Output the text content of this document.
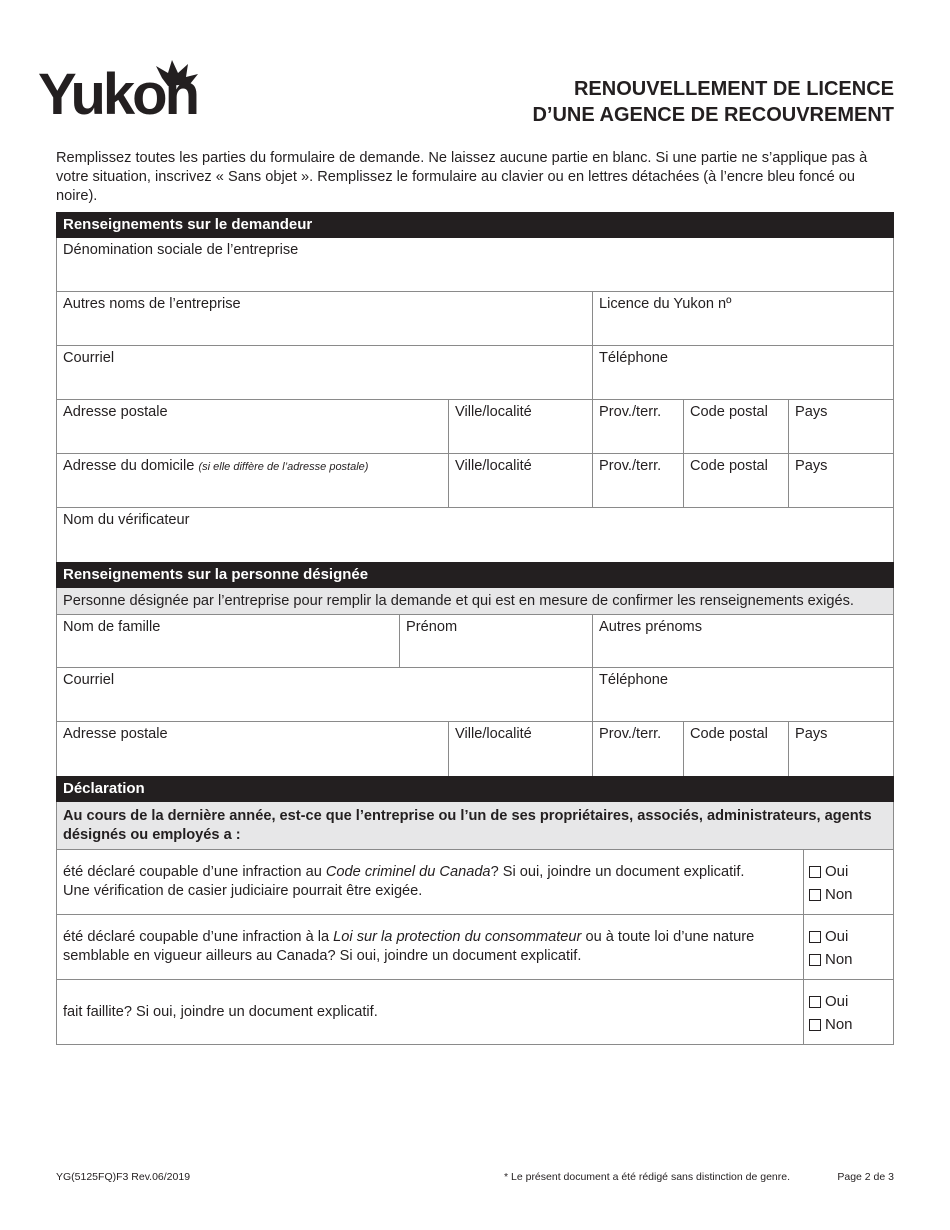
Yukon	RENOUVELLEMENT DE LICENCE
D’UNE AGENCE DE RECOUVREMENT
Remplissez toutes les parties du formulaire de demande. Ne laissez aucune partie en blanc. Si une partie ne s’applique pas à votre situation, inscrivez « Sans objet ». Remplissez le formulaire au clavier ou en lettres détachées (à l’encre bleu foncé ou noire).
Renseignements sur le demandeur
Dénomination sociale de l’entreprise
Autres noms de l’entreprise	Licence du Yukon nº
Courriel	Téléphone
Adresse postale	Ville/localité	Prov./terr.	Code postal	Pays
Adresse du domicile (si elle diffère de l’adresse postale)	Ville/localité	Prov./terr.	Code postal	Pays
Nom du vérificateur
Renseignements sur la personne désignée
Personne désignée par l’entreprise pour remplir la demande et qui est en mesure de confirmer les renseignements exigés.
Nom de famille	Prénom	Autres prénoms
Courriel	Téléphone
Adresse postale	Ville/localité	Prov./terr.	Code postal	Pays
Déclaration
Au cours de la dernière année, est-ce que l’entreprise ou l’un de ses propriétaires, associés, administrateurs, agents désignés ou employés a :
été déclaré coupable d’une infraction au Code criminel du Canada? Si oui, joindre un document explicatif.
Une vérification de casier judiciaire pourrait être exigée.
Oui
Non
été déclaré coupable d’une infraction à la Loi sur la protection du consommateur ou à toute loi d’une nature semblable en vigueur ailleurs au Canada? Si oui, joindre un document explicatif.
Oui
Non
fait faillite? Si oui, joindre un document explicatif.
Oui
Non
YG(5125FQ)F3 Rev.06/2019	* Le présent document a été rédigé sans distinction de genre.	Page 2 de 3
